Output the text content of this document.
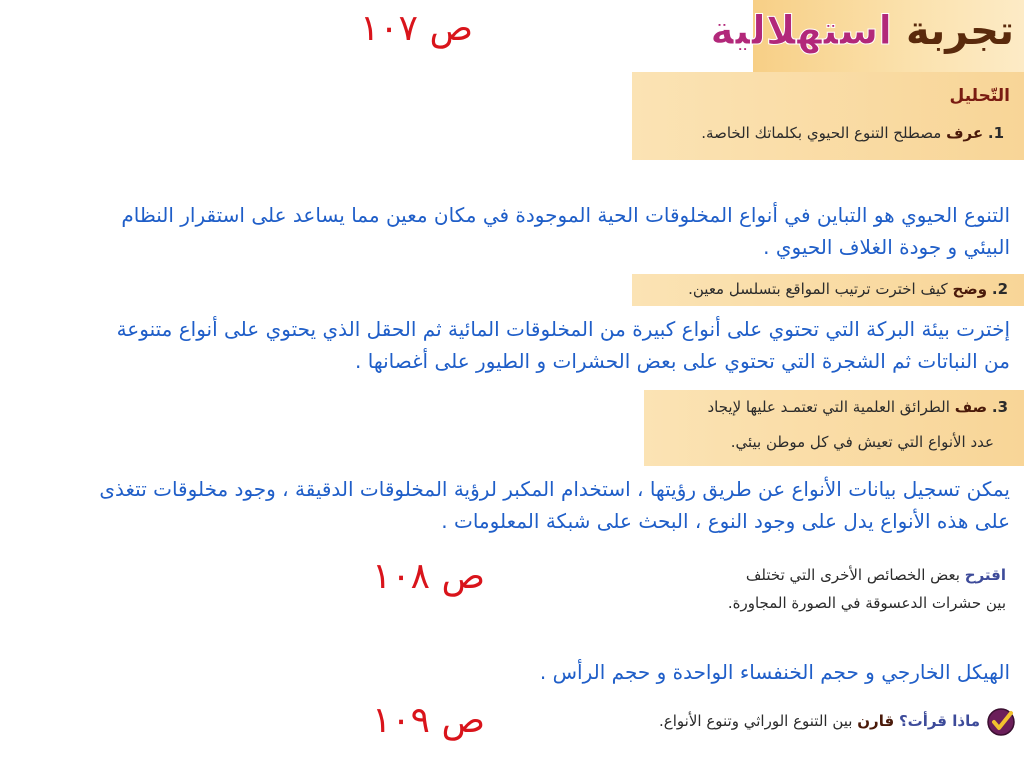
تجربة استهلالية
ص ١٠٧
ص ١٠٨
ص ١٠٩
التّحليل
1. عرف مصطلح التنوع الحيوي بكلماتك الخاصة.
التنوع الحيوي هو التباين في أنواع المخلوقات الحية الموجودة في مكان معين مما يساعد على استقرار النظام
البيئي و جودة الغلاف الحيوي .
2. وضح كيف اخترت ترتيب المواقع بتسلسل معين.
إخترت بيئة البركة التي تحتوي على أنواع كبيرة من المخلوقات المائية ثم الحقل الذي يحتوي على أنواع متنوعة
من النباتات ثم الشجرة التي تحتوي على بعض الحشرات و الطيور على أغصانها .
3. صف الطرائق العلمية التي تعتمـد عليها لإيجاد
عدد الأنواع التي تعيش في كل موطن بيئي.
يمكن تسجيل بيانات الأنواع عن طريق رؤيتها ، استخدام المكبر لرؤية المخلوقات الدقيقة ، وجود مخلوقات تتغذى
على هذه الأنواع يدل على وجود النوع ، البحث على شبكة المعلومات .
اقترح بعض الخصائص الأخرى التي تختلف
بين حشرات الدعسوقة في الصورة المجاورة.
الهيكل الخارجي و حجم الخنفساء الواحدة و حجم الرأس .
ماذا قرأت؟ قارن بين التنوع الوراثي وتنوع الأنواع.
